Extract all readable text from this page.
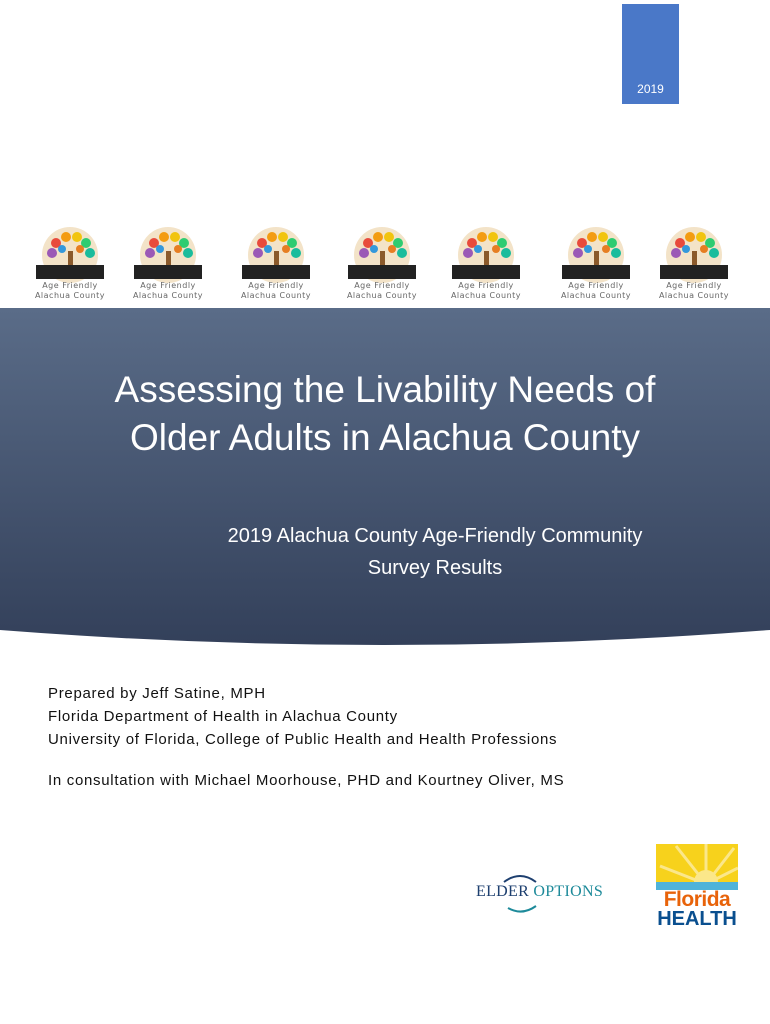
2019
Age Friendly
Alachua County
Age Friendly
Alachua County
Age Friendly
Alachua County
Age Friendly
Alachua County
Age Friendly
Alachua County
Age Friendly
Alachua County
Age Friendly
Alachua County
Assessing the Livability Needs of
Older Adults in Alachua County
2019 Alachua County Age-Friendly Community
Survey Results
Prepared by Jeff Satine, MPH
Florida Department of Health in Alachua County
University of Florida, College of Public Health and Health Professions
In consultation with Michael Moorhouse, PHD and Kourtney Oliver, MS
ELDER OPTIONS	Florida
HEALTH
